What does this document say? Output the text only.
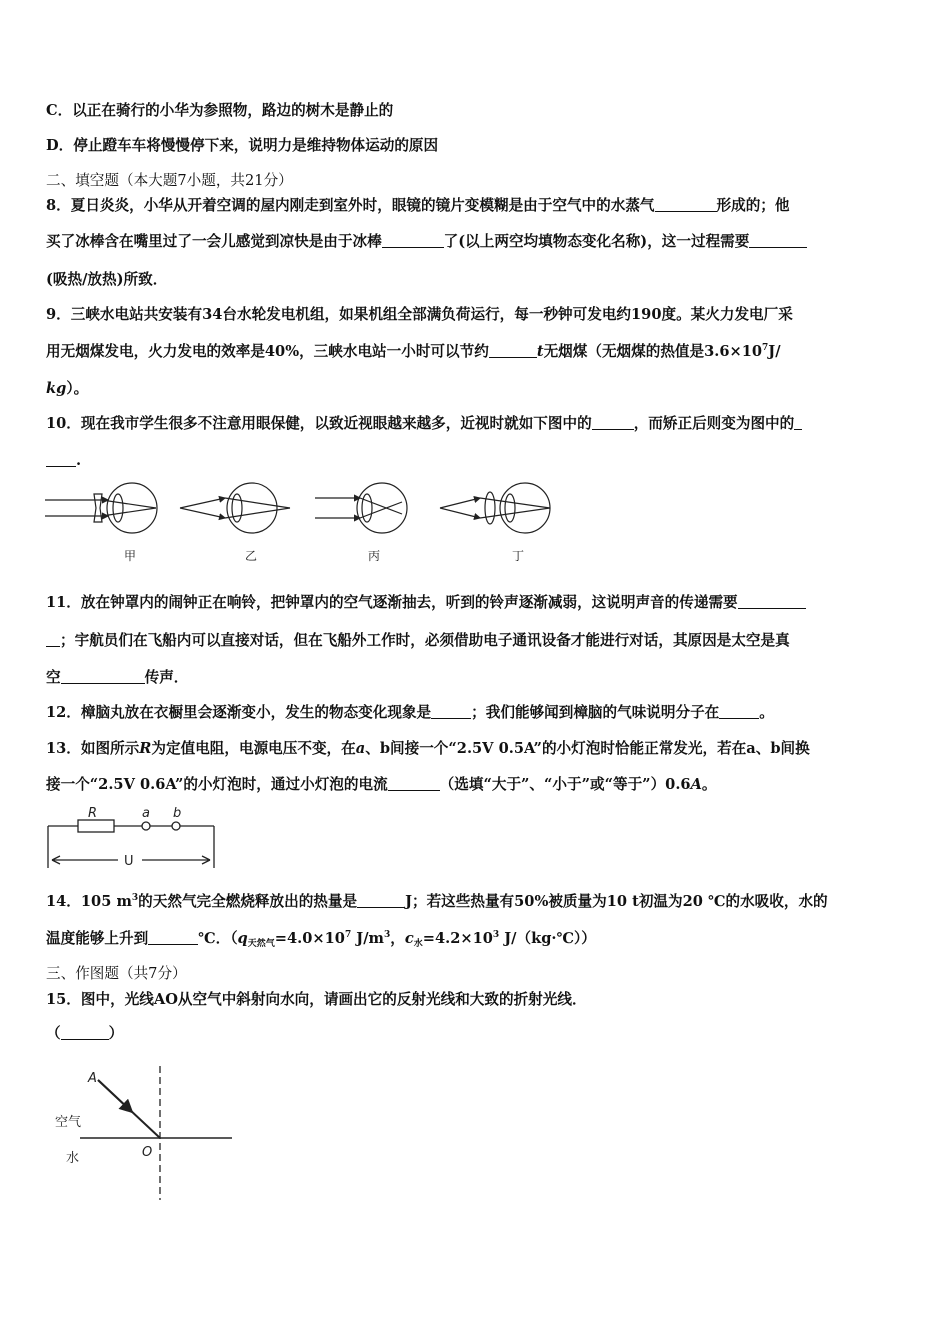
C．以正在骑行的小华为参照物，路边的树木是静止的
D．停止蹬车车将慢慢停下来，说明力是维持物体运动的原因
二、填空题（本大题7小题，共21分）
8．夏日炎炎，小华从开着空调的屋内刚走到室外时，眼镜的镜片变模糊是由于空气中的水蒸气	形成的；他
买了冰棒含在嘴里过了一会儿感觉到凉快是由于冰棒	了(以上两空均填物态变化名称)，这一过程需要
(吸热/放热)所致．
9．三峡水电站共安装有34台水轮发电机组，如果机组全部满负荷运行，每一秒钟可发电约190度。某火力发电厂采
用无烟煤发电，火力发电的效率是40%，三峡水电站一小时可以节约	t无烟煤（无烟煤的热值是$3.6\times 10^7J/$
kg）。
10．现在我市学生很多不注意用眼保健，以致近视眼越来越多，近视时就如下图中的	，而矫正后则变为图中的
.
甲	乙	丙	丁
11．放在钟罩内的闹钟正在响铃，把钟罩内的空气逐渐抽去，听到的铃声逐渐减弱，这说明声音的传递需要
；宇航员们在飞船内可以直接对话，但在飞船外工作时，必须借助电子通讯设备才能进行对话，其原因是太空是真
空	传声．
12．樟脑丸放在衣橱里会逐渐变小，发生的物态变化现象是	；我们能够闻到樟脑的气味说明分子在	。
13．如图所示R为定值电阻，电源电压不变，在a、b间接一个“2.5V 0.5A”的小灯泡时恰能正常发光，若在a、b间换
接一个“2.5V 0.6A”的小灯泡时，通过小灯泡的电流	（选填“大于”、“小于”或“等于”）0.6A。
R	a b
U
14．105 $m^3$的天然气完全燃烧释放出的热量是	J；若这些热量有50%被质量为10 t初温为20 ℃的水吸收，水的
温度能够上升到	℃．（$q_{天然气}=4.0\times 10^7$ $J/m^3$，$c_水=4.2\times 10^3$ J/（kg·℃））
三、作图题（共7分）
15．图中，光线AO从空气中斜射向水向，请画出它的反射光线和大致的折射光线．
（	）
A
O
空气
水
